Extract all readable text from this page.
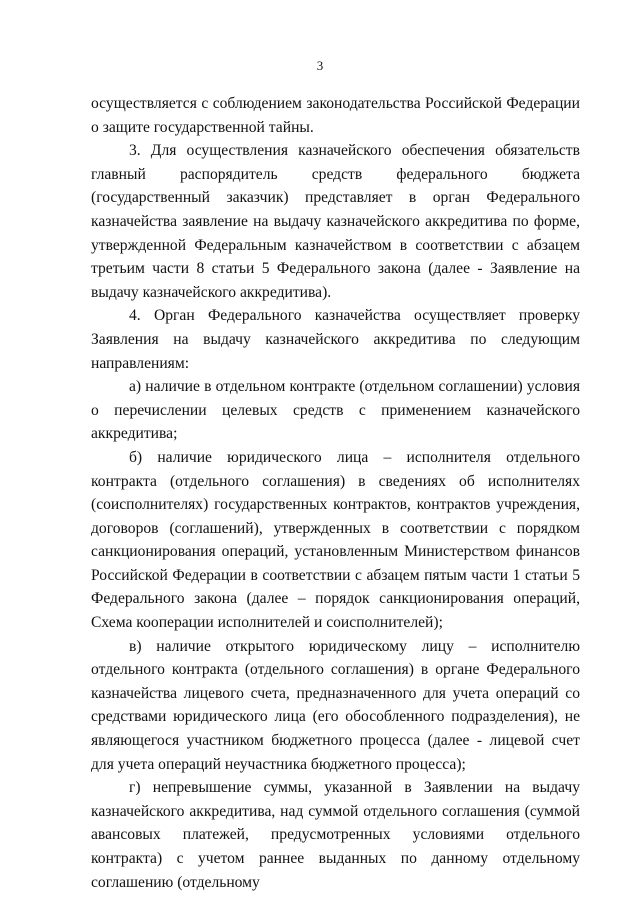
3

осуществляется с соблюдением законодательства Российской Федерации о защите государственной тайны.

3. Для осуществления казначейского обеспечения обязательств главный распорядитель средств федерального бюджета (государственный заказчик) представляет в орган Федерального казначейства заявление на выдачу казначейского аккредитива по форме, утвержденной Федеральным казначейством в соответствии с абзацем третьим части 8 статьи 5 Федерального закона (далее - Заявление на выдачу казначейского аккредитива).

4. Орган Федерального казначейства осуществляет проверку Заявления на выдачу казначейского аккредитива по следующим направлениям:

а) наличие в отдельном контракте (отдельном соглашении) условия о перечислении целевых средств с применением казначейского аккредитива;

б) наличие юридического лица – исполнителя отдельного контракта (отдельного соглашения) в сведениях об исполнителях (соисполнителях) государственных контрактов, контрактов учреждения, договоров (соглашений), утвержденных в соответствии с порядком санкционирования операций, установленным Министерством финансов Российской Федерации в соответствии с абзацем пятым части 1 статьи 5 Федерального закона (далее – порядок санкционирования операций, Схема кооперации исполнителей и соисполнителей);

в) наличие открытого юридическому лицу – исполнителю отдельного контракта (отдельного соглашения) в органе Федерального казначейства лицевого счета, предназначенного для учета операций со средствами юридического лица (его обособленного подразделения), не являющегося участником бюджетного процесса (далее - лицевой счет для учета операций неучастника бюджетного процесса);

г) непревышение суммы, указанной в Заявлении на выдачу казначейского аккредитива, над суммой отдельного соглашения (суммой авансовых платежей, предусмотренных условиями отдельного контракта) с учетом раннее выданных по данному отдельному соглашению (отдельному
